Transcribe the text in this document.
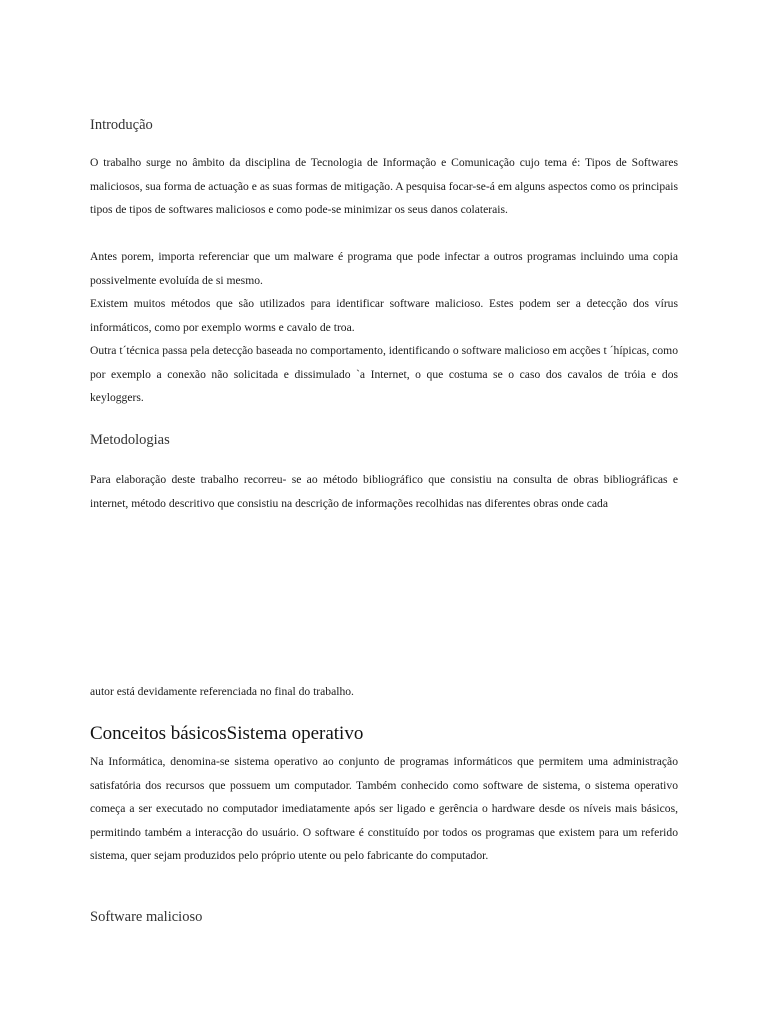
Introdução

O trabalho surge no âmbito da disciplina de Tecnologia de Informação e Comunicação cujo tema é: Tipos de Softwares maliciosos, sua forma de actuação e as suas formas de mitigação. A pesquisa focar-se-á em alguns aspectos como os principais tipos de tipos de softwares maliciosos e como pode-se minimizar os seus danos colaterais.

Antes porem, importa referenciar que um malware é programa que pode infectar a outros programas incluindo uma copia possivelmente evoluída de si mesmo.

Existem muitos métodos que são utilizados para identificar software malicioso. Estes podem ser a detecção dos vírus informáticos, como por exemplo worms e cavalo de troa.

Outra t´técnica passa pela detecção baseada no comportamento, identificando o software malicioso em acções t ´hípicas, como por exemplo a conexão não solicitada e dissimulado `a Internet, o que costuma se o caso dos cavalos de tróia e dos keyloggers.

Metodologias

Para elaboração deste trabalho recorreu- se ao método bibliográfico que consistiu na consulta de obras bibliográficas e internet, método descritivo que consistiu na descrição de informações recolhidas nas diferentes obras onde cada

autor está devidamente referenciada no final do trabalho.

Conceitos básicosSistema operativo

Na Informática, denomina-se sistema operativo ao conjunto de programas informáticos que permitem uma administração satisfatória dos recursos que possuem um computador. Também conhecido como software de sistema, o sistema operativo começa a ser executado no computador imediatamente após ser ligado e gerência o hardware desde os níveis mais básicos, permitindo também a interacção do usuário. O software é constituído por todos os programas que existem para um referido sistema, quer sejam produzidos pelo próprio utente ou pelo fabricante do computador.

Software malicioso
